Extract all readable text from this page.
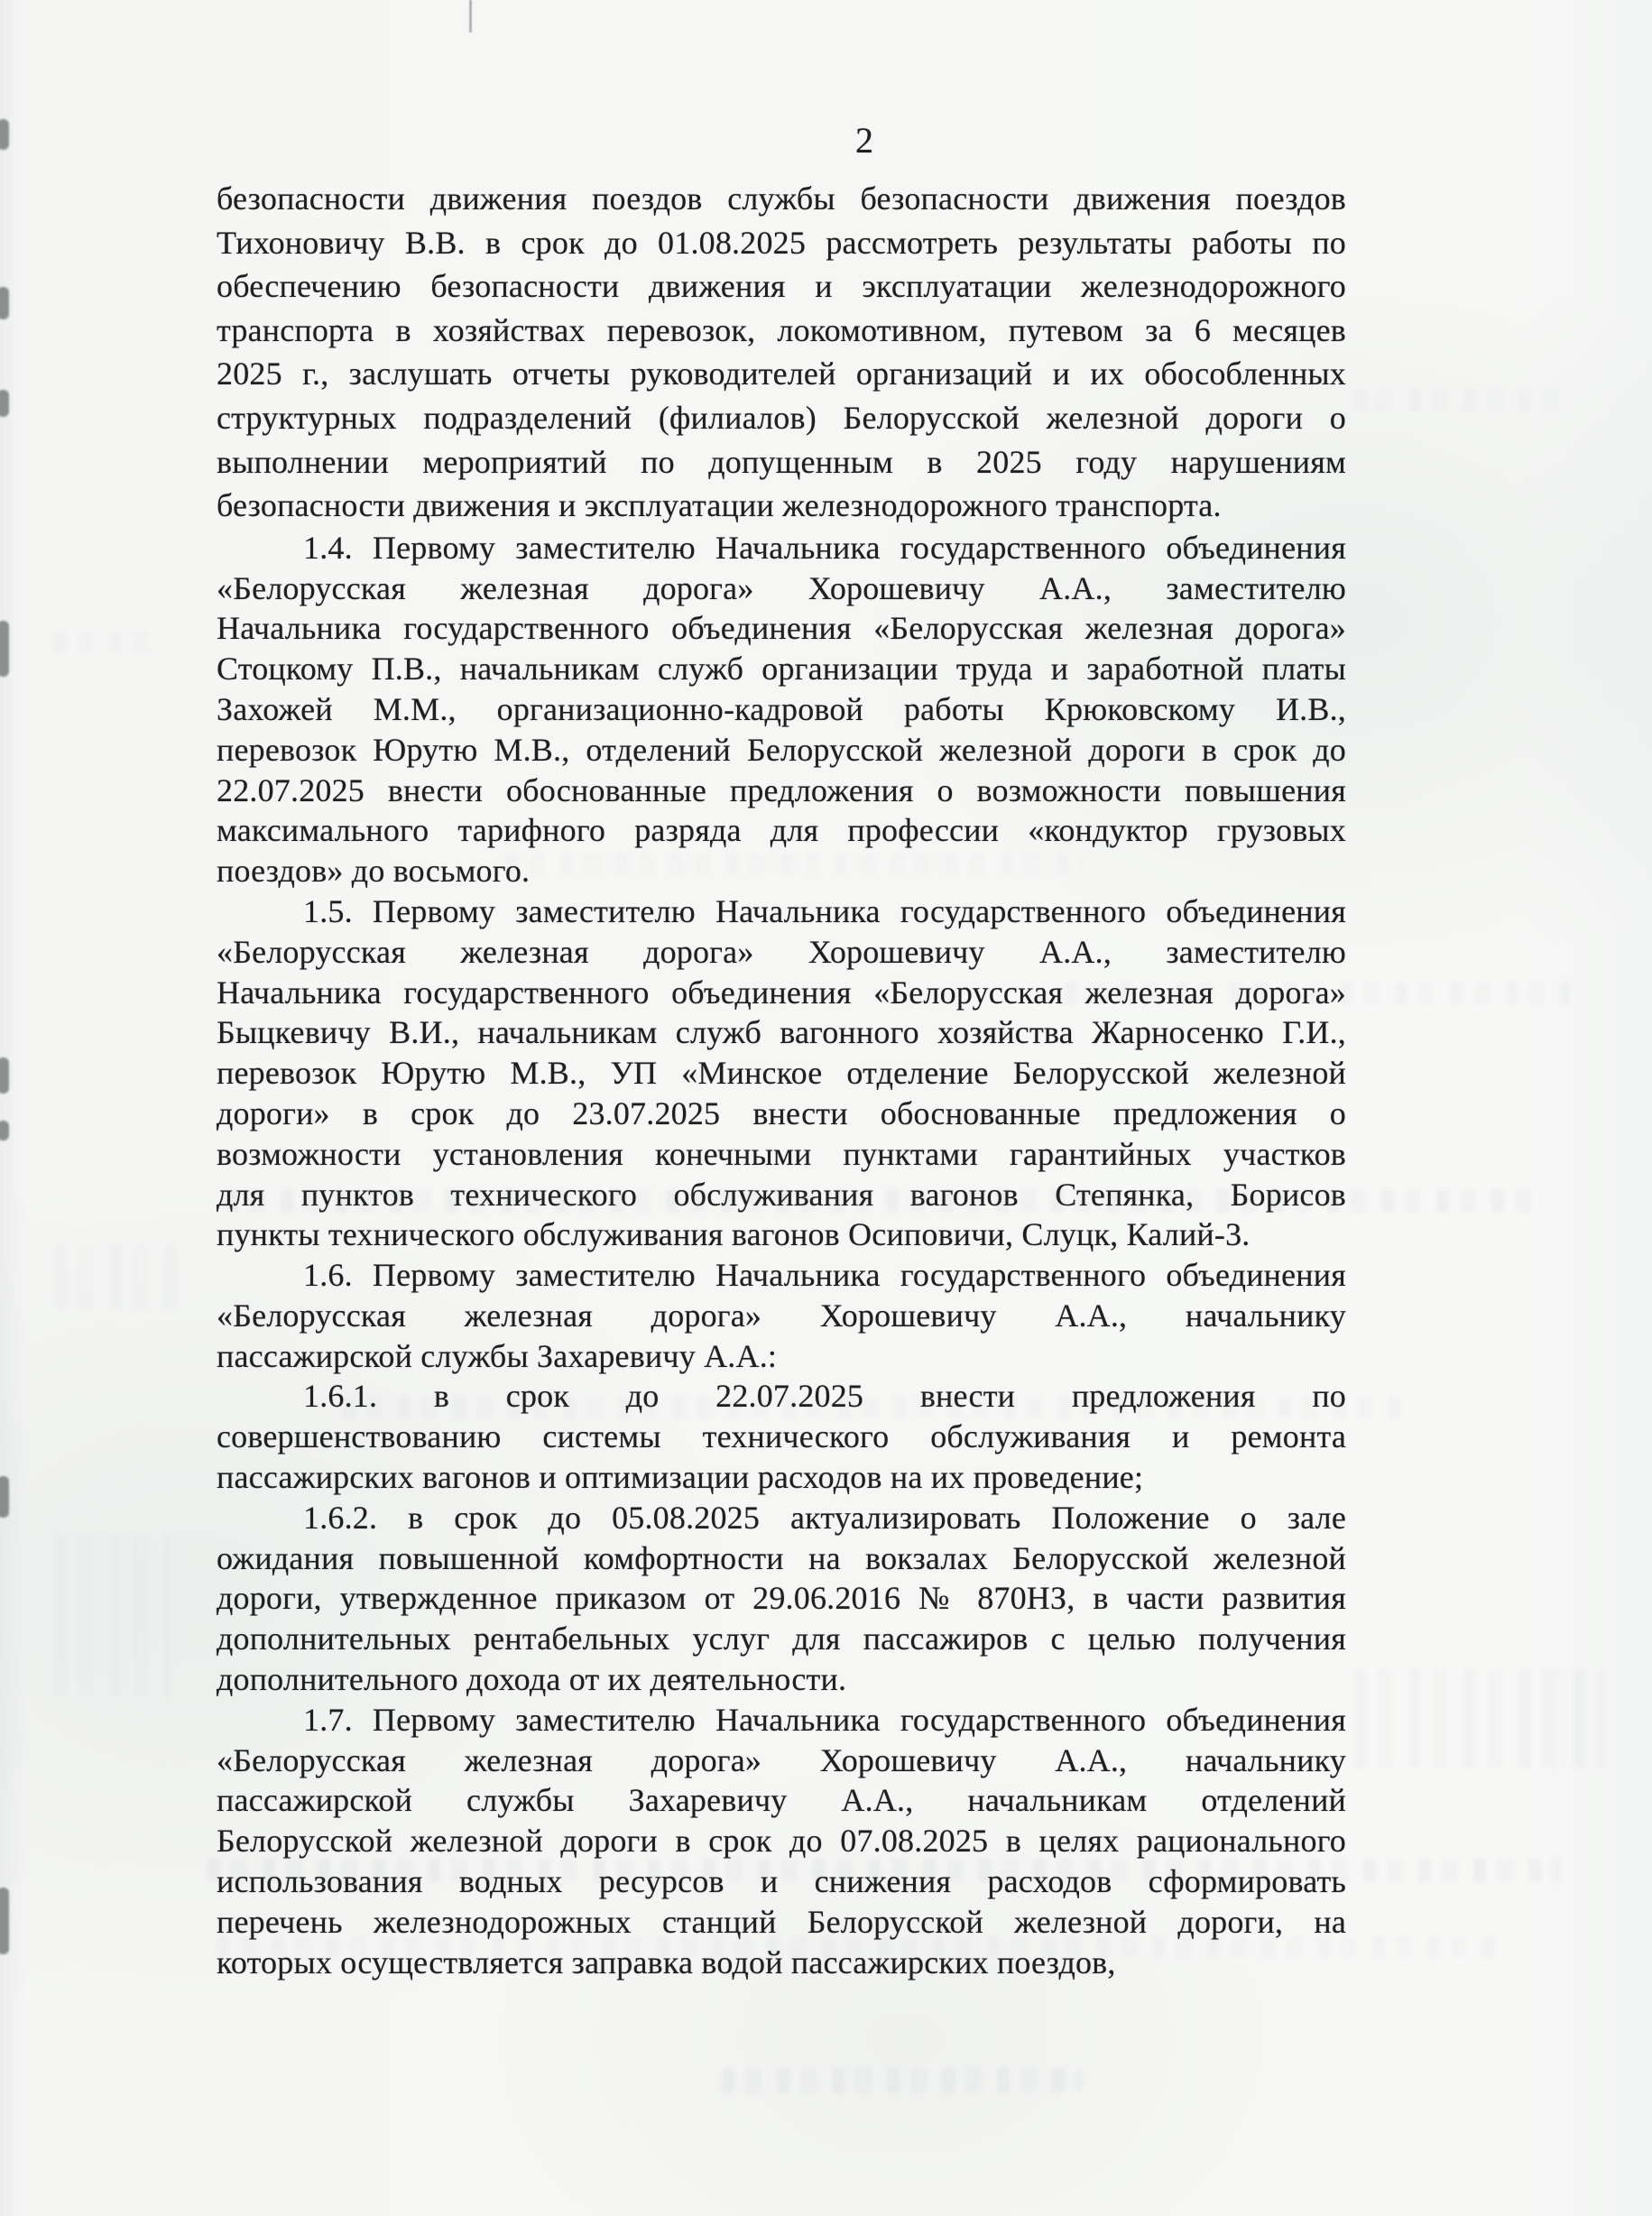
2
безопасности движения поездов службы безопасности движения поездов
Тихоновичу В.В. в срок до 01.08.2025 рассмотреть результаты работы по
обеспечению безопасности движения и эксплуатации железнодорожного
транспорта в хозяйствах перевозок, локомотивном, путевом за 6 месяцев
2025 г., заслушать отчеты руководителей организаций и их обособленных
структурных подразделений (филиалов) Белорусской железной дороги о
выполнении мероприятий по допущенным в 2025 году нарушениям
безопасности движения и эксплуатации железнодорожного транспорта.
1.4. Первому заместителю Начальника государственного объединения
«Белорусская железная дорога» Хорошевичу А.А., заместителю
Начальника государственного объединения «Белорусская железная дорога»
Стоцкому П.В., начальникам служб организации труда и заработной платы
Захожей М.М., организационно-кадровой работы Крюковскому И.В.,
перевозок Юрутю М.В., отделений Белорусской железной дороги в срок до
22.07.2025 внести обоснованные предложения о возможности повышения
максимального тарифного разряда для профессии «кондуктор грузовых
поездов» до восьмого.
1.5. Первому заместителю Начальника государственного объединения
«Белорусская железная дорога» Хорошевичу А.А., заместителю
Начальника государственного объединения «Белорусская железная дорога»
Быцкевичу В.И., начальникам служб вагонного хозяйства Жарносенко Г.И.,
перевозок Юрутю М.В., УП «Минское отделение Белорусской железной
дороги» в срок до 23.07.2025 внести обоснованные предложения о
возможности установления конечными пунктами гарантийных участков
для пунктов технического обслуживания вагонов Степянка, Борисов
пункты технического обслуживания вагонов Осиповичи, Слуцк, Калий-3.
1.6. Первому заместителю Начальника государственного объединения
«Белорусская железная дорога» Хорошевичу А.А., начальнику
пассажирской службы Захаревичу А.А.:
1.6.1. в срок до 22.07.2025 внести предложения по
совершенствованию системы технического обслуживания и ремонта
пассажирских вагонов и оптимизации расходов на их проведение;
1.6.2. в срок до 05.08.2025 актуализировать Положение о зале
ожидания повышенной комфортности на вокзалах Белорусской железной
дороги, утвержденное приказом от 29.06.2016 № 870НЗ, в части развития
дополнительных рентабельных услуг для пассажиров с целью получения
дополнительного дохода от их деятельности.
1.7. Первому заместителю Начальника государственного объединения
«Белорусская железная дорога» Хорошевичу А.А., начальнику
пассажирской службы Захаревичу А.А., начальникам отделений
Белорусской железной дороги в срок до 07.08.2025 в целях рационального
использования водных ресурсов и снижения расходов сформировать
перечень железнодорожных станций Белорусской железной дороги, на
которых осуществляется заправка водой пассажирских поездов,
